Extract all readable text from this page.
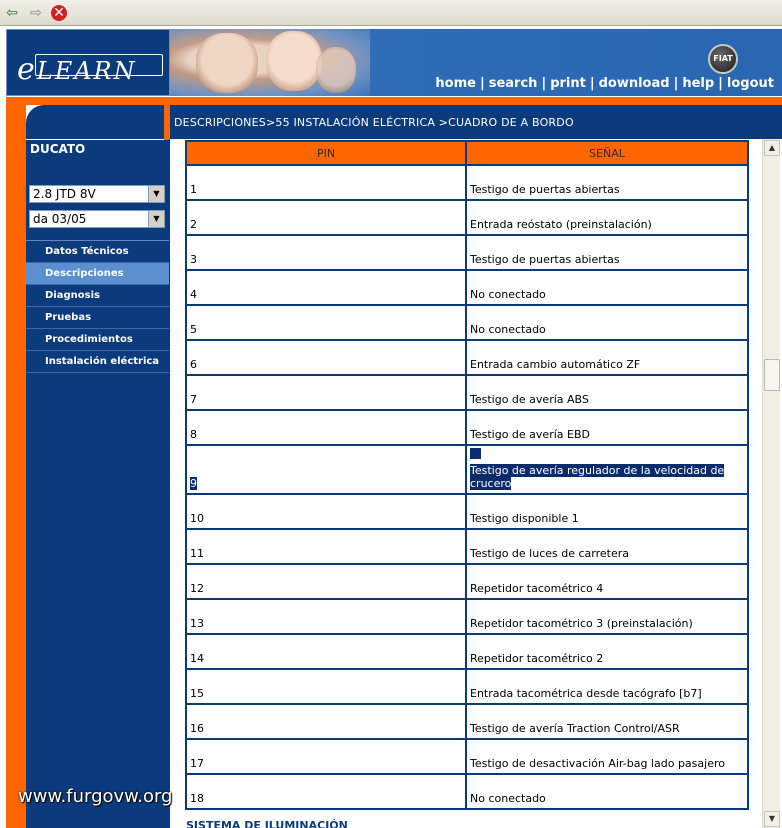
⇦ ⇨ ✕
eLEARN	FIAT
home | search | print | download | help | logout
DESCRIPCIONES>55 INSTALACIÓN ELÉCTRICA >CUADRO DE A BORDO
DUCATO
2.8 JTD 8V	▼
da 03/05	▼
Datos Técnicos
Descripciones
Diagnosis
Pruebas
Procedimientos
Instalación eléctrica
PIN	SEÑAL
1	Testigo de puertas abiertas
2	Entrada reóstato (preinstalación)
3	Testigo de puertas abiertas
4	No conectado
5	No conectado
6	Entrada cambio automático ZF
7	Testigo de avería ABS
8	Testigo de avería EBD
9	Testigo de avería regulador de la velocidad de crucero
10	Testigo disponible 1
11	Testigo de luces de carretera
12	Repetidor tacométrico 4
13	Repetidor tacométrico 3 (preinstalación)
14	Repetidor tacométrico 2
15	Entrada tacométrica desde tacógrafo [b7]
16	Testigo de avería Traction Control/ASR
17	Testigo de desactivación Air-bag lado pasajero
18	No conectado
SISTEMA DE ILUMINACIÓN
▲
▼
www.furgovw.org
